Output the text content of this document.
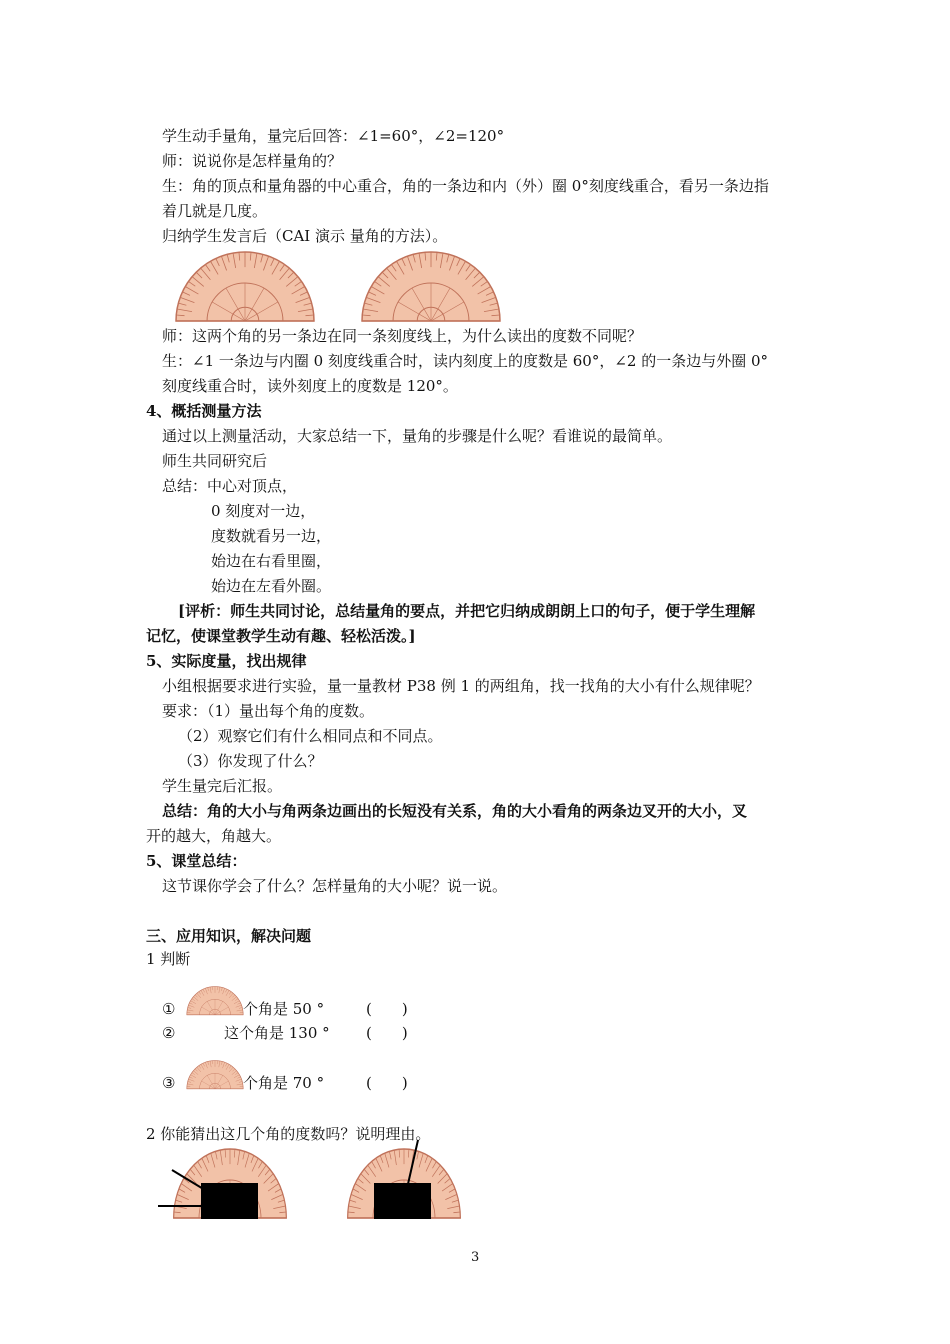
学生动手量角，量完后回答：∠1=60°，∠2=120°
师：说说你是怎样量角的？
生：角的顶点和量角器的中心重合，角的一条边和内（外）圈 0°刻度线重合，看另一条边指
着几就是几度。
归纳学生发言后（CAI 演示 量角的方法）。
师：这两个角的另一条边在同一条刻度线上，为什么读出的度数不同呢？
生：∠1 一条边与内圈 0 刻度线重合时，读内刻度上的度数是 60°，∠2 的一条边与外圈 0°
刻度线重合时，读外刻度上的度数是 120°。
4、概括测量方法
通过以上测量活动，大家总结一下，量角的步骤是什么呢？看谁说的最简单。
师生共同研究后
总结：中心对顶点，
0 刻度对一边，
度数就看另一边，
始边在右看里圈，
始边在左看外圈。
[评析：师生共同讨论，总结量角的要点，并把它归纳成朗朗上口的句子，便于学生理解
记忆，使课堂教学生动有趣、轻松活泼。]
5、实际度量，找出规律
小组根据要求进行实验，量一量教材 P38 例 1 的两组角，找一找角的大小有什么规律呢？
要求：（1）量出每个角的度数。
（2）观察它们有什么相同点和不同点。
（3）你发现了什么？
学生量完后汇报。
总结：角的大小与角两条边画出的长短没有关系，角的大小看角的两条边叉开的大小，叉
开的越大，角越大。
5、课堂总结：
这节课你学会了什么？怎样量角的大小呢？说一说。
三、应用知识，解决问题
1 判断
①	个角是 50 °	(　　)
②	这个角是 130 ° (　　)
③	个角是 70 °	(　　)
2 你能猜出这几个角的度数吗？说明理由。
3
